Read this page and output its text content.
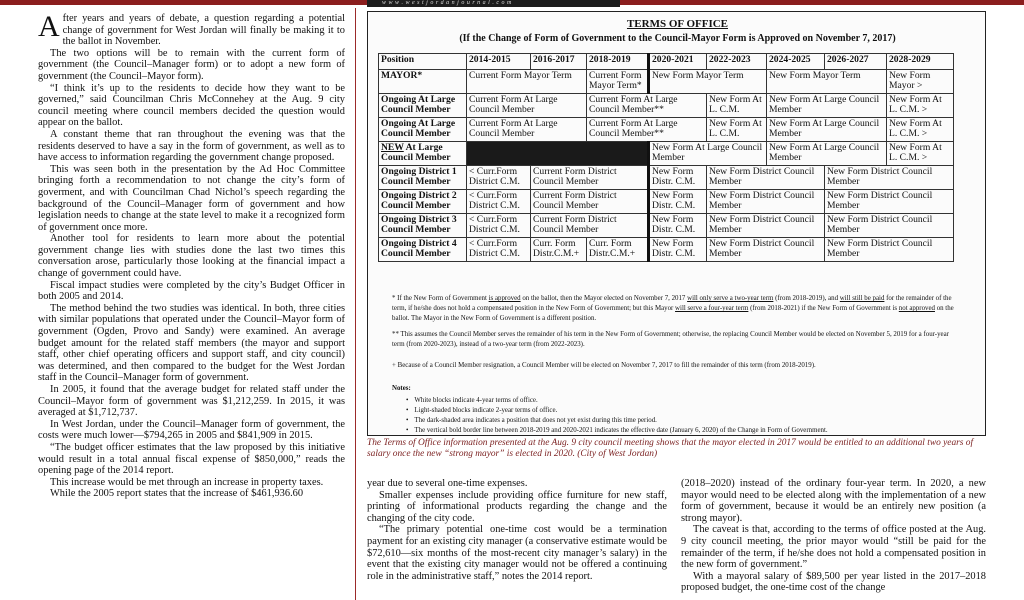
w w w . w e s t j o r d a n j o u r n a l . c o m

After years and years of debate, a question regarding a potential change of government for West Jordan will finally be making it to the ballot in November.

The two options will be to remain with the current form of government (the Council–Manager form) or to adopt a new form of government (the Council–Mayor form).

“I think it’s up to the residents to decide how they want to be governed,” said Councilman Chris McConnehey at the Aug. 9 city council meeting where council members decided the question would appear on the ballot.

A constant theme that ran throughout the evening was that the residents deserved to have a say in the form of government, as well as to have access to information regarding the government change proposed.

This was seen both in the presentation by the Ad Hoc Committee bringing forth a recommendation to not change the city’s form of goverment, and with Councilman Chad Nichol’s speech regarding the background of the Council–Manager form of government and how legislation needs to change at the state level to make it a recognized form of government once more.

Another tool for residents to learn more about the potential government change lies with studies done the last two times this conversation arose, particularly those looking at the financial impact a change of government could have.

Fiscal impact studies were completed by the city’s Budget Officer in both 2005 and 2014.

The method behind the two studies was identical. In both, three cities with similar populations that operated under the Council–Mayor form of government (Ogden, Provo and Sandy) were examined. An average budget amount for the related staff members (the mayor and support staff, other chief operating officers and support staff, and city council) was determined, and then compared to the budget for the West Jordan staff in the Council–Manager form of government.

In 2005, it found that the average budget for related staff under the Council–Mayor form of government was $1,212,259. In 2015, it was averaged at $1,712,737.

In West Jordan, under the Council–Manager form of government, the costs were much lower—$794,265 in 2005 and $841,909 in 2015.

“The budget officer estimates that the law proposed by this initiative would result in a total annual fiscal expense of $850,000,” reads the opening page of the 2014 report.

This increase would be met through an increase in property taxes.

While the 2005 report states that the increase of $461,936.60

TERMS OF OFFICE
(If the Change of Form of Government to the Council-Mayor Form is Approved on November 7, 2017)
Position	2014-2015	2016-2017	2018-2019	2020-2021	2022-2023	2024-2025	2026-2027	2028-2029
MAYOR*	Current Form Mayor Term		Current Form Mayor Term*	New Form Mayor Term		New Form Mayor Term		New Form Mayor >
Ongoing At Large Council Member	Current Form At Large Council Member		Current Form At Large Council Member**		New Form At L. C.M.	New Form At Large Council Member		New Form At L. C.M. >
Ongoing At Large Council Member	Current Form At Large Council Member		Current Form At Large Council Member**		New Form At L. C.M.	New Form At Large Council Member		New Form At L. C.M. >
NEW At Large Council Member				New Form At Large Council Member		New Form At Large Council Member		New Form At L. C.M. >
Ongoing District 1 Council Member	< Curr.Form District C.M.	Current Form District Council Member		New Form Distr. C.M.	New Form District Council Member		New Form District Council Member	
Ongoing District 2 Council Member	< Curr.Form District C.M.	Current Form District Council Member		New Form Distr. C.M.	New Form District Council Member		New Form District Council Member	
Ongoing District 3 Council Member	< Curr.Form District C.M.	Current Form District Council Member		New Form Distr. C.M.	New Form District Council Member		New Form District Council Member	
Ongoing District 4 Council Member	< Curr.Form District C.M.	Curr. Form Distr.C.M.+	Curr. Form Distr.C.M.+	New Form Distr. C.M.	New Form District Council Member		New Form District Council Member	
* If the New Form of Government is approved on the ballot, then the Mayor elected on November 7, 2017 will only serve a two-year term (from 2018-2019), and will still be paid for the remainder of the term, if he/she does not hold a compensated position in the New Form of Government; but this Mayor will serve a four-year term (from 2018-2021) if the New Form of Government is not approved on the ballot. The Mayor in the New Form of Government is a different position.
** This assumes the Council Member serves the remainder of his term in the New Form of Government; otherwise, the replacing Council Member would be elected on November 5, 2019 for a four-year term (from 2020-2023), instead of a two-year term (from 2022-2023).
+ Because of a Council Member resignation, a Council Member will be elected on November 7, 2017 to fill the remainder of this term (from 2018-2019).
Notes:
• White blocks indicate 4-year terms of office.
• Light-shaded blocks indicate 2-year terms of office.
• The dark-shaded area indicates a position that does not yet exist during this time period.
• The vertical bold border line between 2018-2019 and 2020-2021 indicates the effective date (January 6, 2020) of the Change in Form of Government.
The Terms of Office information presented at the Aug. 9 city council meeting shows that the mayor elected in 2017 would be entitled to an additional two years of salary once the new “strong mayor” is elected in 2020. (City of West Jordan)

year due to several one-time expenses.

Smaller expenses include providing office furniture for new staff, printing of informational products regarding the change and the changing of the city code.

“The primary potential one-time cost would be a termination payment for an existing city manager (a conservative estimate would be $72,610—six months of the most-recent city manager’s salary) in the event that the existing city manager would not be offered a continuing role in the administrative staff,” notes the 2014 report.

(2018–2020) instead of the ordinary four-year term. In 2020, a new mayor would need to be elected along with the implementation of a new form of government, because it would be an entirely new position (a strong mayor).

The caveat is that, according to the terms of office posted at the Aug. 9 city council meeting, the prior mayor would “still be paid for the remainder of the term, if he/she does not hold a compensated position in the new form of government.”

With a mayoral salary of $89,500 per year listed in the 2017–2018 proposed budget, the one-time cost of the change
